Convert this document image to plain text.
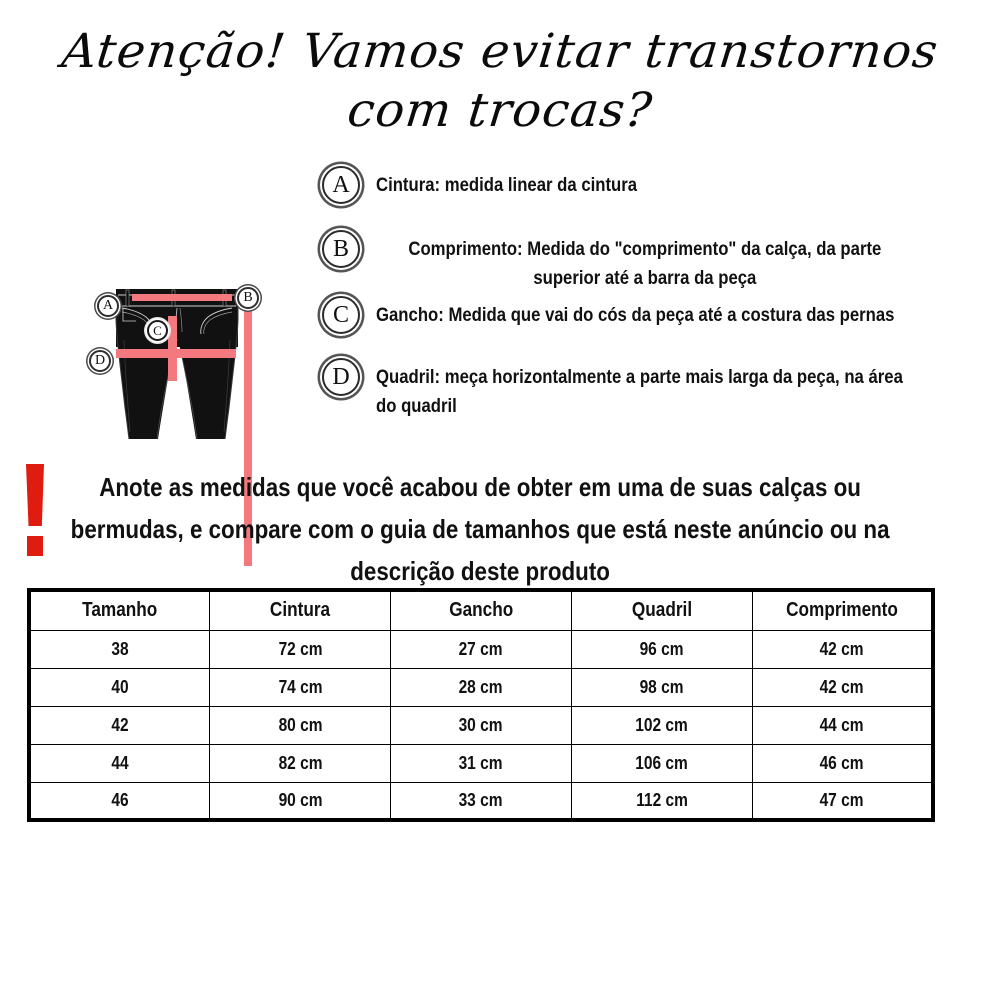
Atenção! Vamos evitar transtornos
com trocas?
A
B
C
D
A	Cintura: medida linear da cintura
B	Comprimento: Medida do "comprimento" da calça, da parte superior até a barra da peça
C	Gancho: Medida que vai do cós da peça até a costura das pernas
D	Quadril: meça horizontalmente a parte mais larga da peça, na área do quadril
Anote as medidas que você acabou de obter em uma de suas calças ou bermudas, e compare com o guia de tamanhos que está neste anúncio ou na descrição deste produto
Tamanho	Cintura	Gancho	Quadril	Comprimento
38	72 cm	27 cm	96 cm	42 cm
40	74 cm	28 cm	98 cm	42 cm
42	80 cm	30 cm	102 cm	44 cm
44	82 cm	31 cm	106 cm	46 cm
46	90 cm	33 cm	112 cm	47 cm
